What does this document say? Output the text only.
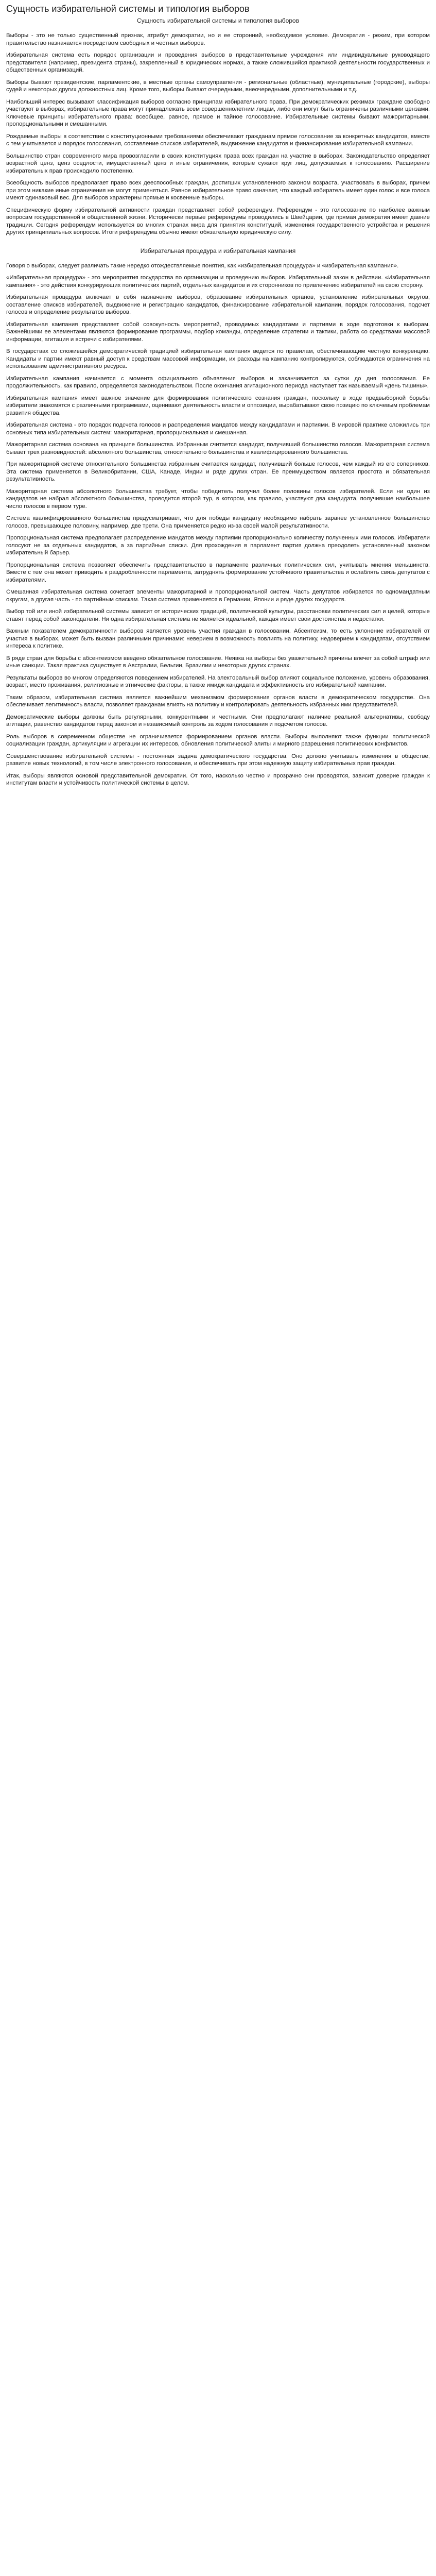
Сущность избирательной системы и типология выборов
Сущность избирательной системы и типология выборов

Выборы - это не только существенный признак, атрибут демократии, но и ее сторонний, необходимое условие. Демократия - режим, при котором правительство назначается посредством свободных и честных выборов.

Избирательная система есть порядок организации и проведения выборов в представительные учреждения или индивидуальные руководящего представителя (например, президента страны), закрепленный в юридических нормах, а также сложившийся практикой деятельности государственных и общественных организаций.

Выборы бывают президентские, парламентские, в местные органы самоуправления - региональные (областные), муниципальные (городские), выборы судей и некоторых других должностных лиц. Кроме того, выборы бывают очередными, внеочередными, дополнительными и т.д.

Наибольший интерес вызывают классификация выборов согласно принципам избирательного права. При демократических режимах граждане свободно участвуют в выборах, избирательные права могут принадлежать всем совершеннолетним лицам, либо они могут быть ограничены различными цензами. Ключевые принципы избирательного права: всеобщее, равное, прямое и тайное голосование. Избирательные системы бывают мажоритарными, пропорциональными и смешанными.

Рождаемые выборы в соответствии с конституционными требованиями обеспечивают гражданам прямое голосование за конкретных кандидатов, вместе с тем учитывается и порядок голосования, составление списков избирателей, выдвижение кандидатов и финансирование избирательной кампании.

Большинство стран современного мира провозгласили в своих конституциях права всех граждан на участие в выборах. Законодательство определяет возрастной ценз, ценз оседлости, имущественный ценз и иные ограничения, которые сужают круг лиц, допускаемых к голосованию. Расширение избирательных прав происходило постепенно.

Всеобщность выборов предполагает право всех дееспособных граждан, достигших установленного законом возраста, участвовать в выборах, причем при этом никакие иные ограничения не могут применяться. Равное избирательное право означает, что каждый избиратель имеет один голос и все голоса имеют одинаковый вес. Для выборов характерны прямые и косвенные выборы.

Специфическую форму избирательной активности граждан представляет собой референдум. Референдум - это голосование по наиболее важным вопросам государственной и общественной жизни. Исторически первые референдумы проводились в Швейцарии, где прямая демократия имеет давние традиции. Сегодня референдум используется во многих странах мира для принятия конституций, изменения государственного устройства и решения других принципиальных вопросов. Итоги референдума обычно имеют обязательную юридическую силу.

Избирательная процедура и избирательная кампания

Говоря о выборах, следует различать такие нередко отождествляемые понятия, как «избирательная процедура» и «избирательная кампания».

«Избирательная процедура» - это мероприятия государства по организации и проведению выборов. Избирательный закон в действии. «Избирательная кампания» - это действия конкурирующих политических партий, отдельных кандидатов и их сторонников по привлечению избирателей на свою сторону.

Избирательная процедура включает в себя назначение выборов, образование избирательных органов, установление избирательных округов, составление списков избирателей, выдвижение и регистрацию кандидатов, финансирование избирательной кампании, порядок голосования, подсчет голосов и определение результатов выборов.

Избирательная кампания представляет собой совокупность мероприятий, проводимых кандидатами и партиями в ходе подготовки к выборам. Важнейшими ее элементами являются формирование программы, подбор команды, определение стратегии и тактики, работа со средствами массовой информации, агитация и встречи с избирателями.

В государствах со сложившейся демократической традицией избирательная кампания ведется по правилам, обеспечивающим честную конкуренцию. Кандидаты и партии имеют равный доступ к средствам массовой информации, их расходы на кампанию контролируются, соблюдаются ограничения на использование административного ресурса.

Избирательная кампания начинается с момента официального объявления выборов и заканчивается за сутки до дня голосования. Ее продолжительность, как правило, определяется законодательством. После окончания агитационного периода наступает так называемый «день тишины».

Избирательная кампания имеет важное значение для формирования политического сознания граждан, поскольку в ходе предвыборной борьбы избиратели знакомятся с различными программами, оценивают деятельность власти и оппозиции, вырабатывают свою позицию по ключевым проблемам развития общества.

Избирательная система - это порядок подсчета голосов и распределения мандатов между кандидатами и партиями. В мировой практике сложились три основных типа избирательных систем: мажоритарная, пропорциональная и смешанная.

Мажоритарная система основана на принципе большинства. Избранным считается кандидат, получивший большинство голосов. Мажоритарная система бывает трех разновидностей: абсолютного большинства, относительного большинства и квалифицированного большинства.

При мажоритарной системе относительного большинства избранным считается кандидат, получивший больше голосов, чем каждый из его соперников. Эта система применяется в Великобритании, США, Канаде, Индии и ряде других стран. Ее преимуществом является простота и обязательная результативность.

Мажоритарная система абсолютного большинства требует, чтобы победитель получил более половины голосов избирателей. Если ни один из кандидатов не набрал абсолютного большинства, проводится второй тур, в котором, как правило, участвуют два кандидата, получившие наибольшее число голосов в первом туре.

Система квалифицированного большинства предусматривает, что для победы кандидату необходимо набрать заранее установленное большинство голосов, превышающее половину, например, две трети. Она применяется редко из-за своей малой результативности.

Пропорциональная система предполагает распределение мандатов между партиями пропорционально количеству полученных ими голосов. Избиратели голосуют не за отдельных кандидатов, а за партийные списки. Для прохождения в парламент партия должна преодолеть установленный законом избирательный барьер.

Пропорциональная система позволяет обеспечить представительство в парламенте различных политических сил, учитывать мнения меньшинств. Вместе с тем она может приводить к раздробленности парламента, затруднять формирование устойчивого правительства и ослаблять связь депутатов с избирателями.

Смешанная избирательная система сочетает элементы мажоритарной и пропорциональной систем. Часть депутатов избирается по одномандатным округам, а другая часть - по партийным спискам. Такая система применяется в Германии, Японии и ряде других государств.

Выбор той или иной избирательной системы зависит от исторических традиций, политической культуры, расстановки политических сил и целей, которые ставят перед собой законодатели. Ни одна избирательная система не является идеальной, каждая имеет свои достоинства и недостатки.

Важным показателем демократичности выборов является уровень участия граждан в голосовании. Абсентеизм, то есть уклонение избирателей от участия в выборах, может быть вызван различными причинами: неверием в возможность повлиять на политику, недоверием к кандидатам, отсутствием интереса к политике.

В ряде стран для борьбы с абсентеизмом введено обязательное голосование. Неявка на выборы без уважительной причины влечет за собой штраф или иные санкции. Такая практика существует в Австралии, Бельгии, Бразилии и некоторых других странах.

Результаты выборов во многом определяются поведением избирателей. На электоральный выбор влияют социальное положение, уровень образования, возраст, место проживания, религиозные и этнические факторы, а также имидж кандидата и эффективность его избирательной кампании.

Таким образом, избирательная система является важнейшим механизмом формирования органов власти в демократическом государстве. Она обеспечивает легитимность власти, позволяет гражданам влиять на политику и контролировать деятельность избранных ими представителей.

Демократические выборы должны быть регулярными, конкурентными и честными. Они предполагают наличие реальной альтернативы, свободу агитации, равенство кандидатов перед законом и независимый контроль за ходом голосования и подсчетом голосов.

Роль выборов в современном обществе не ограничивается формированием органов власти. Выборы выполняют также функции политической социализации граждан, артикуляции и агрегации их интересов, обновления политической элиты и мирного разрешения политических конфликтов.

Совершенствование избирательной системы - постоянная задача демократического государства. Оно должно учитывать изменения в обществе, развитие новых технологий, в том числе электронного голосования, и обеспечивать при этом надежную защиту избирательных прав граждан.

Итак, выборы являются основой представительной демократии. От того, насколько честно и прозрачно они проводятся, зависит доверие граждан к институтам власти и устойчивость политической системы в целом.
